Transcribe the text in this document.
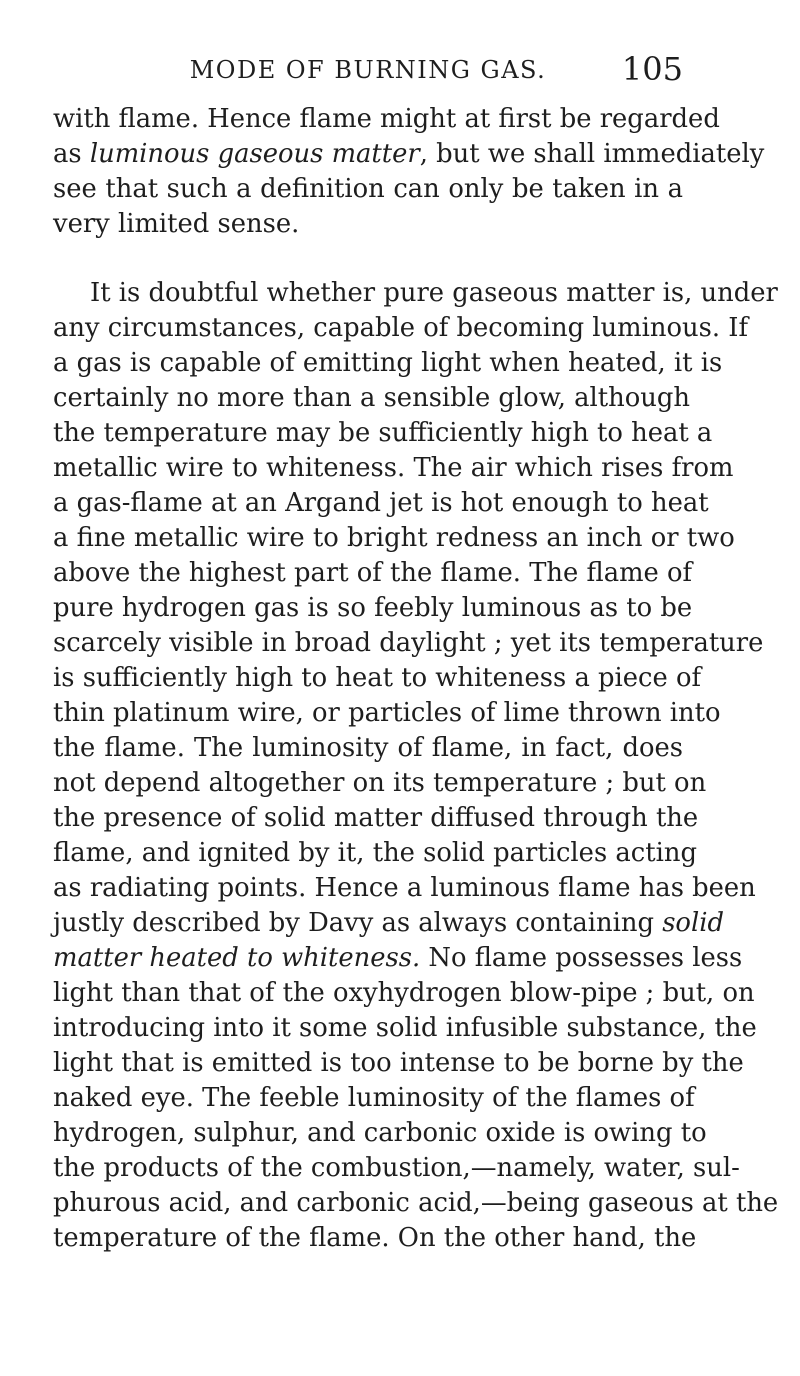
MODE OF BURNING GAS.	105
with flame. Hence flame might at first be regarded
as luminous gaseous matter, but we shall immediately
see that such a definition can only be taken in a
very limited sense.
It is doubtful whether pure gaseous matter is, under
any circumstances, capable of becoming luminous. If
a gas is capable of emitting light when heated, it is
certainly no more than a sensible glow, although
the temperature may be sufficiently high to heat a
metallic wire to whiteness. The air which rises from
a gas-flame at an Argand jet is hot enough to heat
a fine metallic wire to bright redness an inch or two
above the highest part of the flame. The flame of
pure hydrogen gas is so feebly luminous as to be
scarcely visible in broad daylight ; yet its temperature
is sufficiently high to heat to whiteness a piece of
thin platinum wire, or particles of lime thrown into
the flame. The luminosity of flame, in fact, does
not depend altogether on its temperature ; but on
the presence of solid matter diffused through the
flame, and ignited by it, the solid particles acting
as radiating points. Hence a luminous flame has been
justly described by Davy as always containing solid
matter heated to whiteness. No flame possesses less
light than that of the oxyhydrogen blow-pipe ; but, on
introducing into it some solid infusible substance, the
light that is emitted is too intense to be borne by the
naked eye. The feeble luminosity of the flames of
hydrogen, sulphur, and carbonic oxide is owing to
the products of the combustion,—namely, water, sul-
phurous acid, and carbonic acid,—being gaseous at the
temperature of the flame. On the other hand, the
